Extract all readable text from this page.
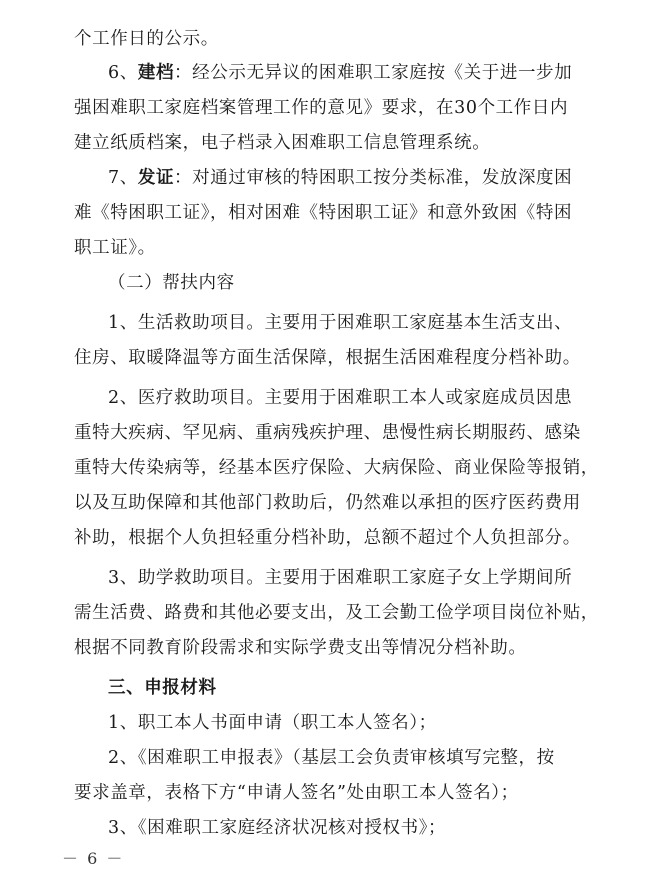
个工作日的公示。
6、建档：经公示无异议的困难职工家庭按《关于进一步加
强困难职工家庭档案管理工作的意见》要求，在30个工作日内
建立纸质档案，电子档录入困难职工信息管理系统。
7、发证：对通过审核的特困职工按分类标准，发放深度困
难《特困职工证》，相对困难《特困职工证》和意外致困《特困
职工证》。
（二）帮扶内容
1、生活救助项目。主要用于困难职工家庭基本生活支出、
住房、取暖降温等方面生活保障，根据生活困难程度分档补助。
2、医疗救助项目。主要用于困难职工本人或家庭成员因患
重特大疾病、罕见病、重病残疾护理、患慢性病长期服药、感染
重特大传染病等，经基本医疗保险、大病保险、商业保险等报销，
以及互助保障和其他部门救助后，仍然难以承担的医疗医药费用
补助，根据个人负担轻重分档补助，总额不超过个人负担部分。
3、助学救助项目。主要用于困难职工家庭子女上学期间所
需生活费、路费和其他必要支出，及工会勤工俭学项目岗位补贴，
根据不同教育阶段需求和实际学费支出等情况分档补助。
三、申报材料
1、职工本人书面申请（职工本人签名）；
2、《困难职工申报表》（基层工会负责审核填写完整，按
要求盖章，表格下方“申请人签名”处由职工本人签名）；
3、《困难职工家庭经济状况核对授权书》；
－ 6 －
